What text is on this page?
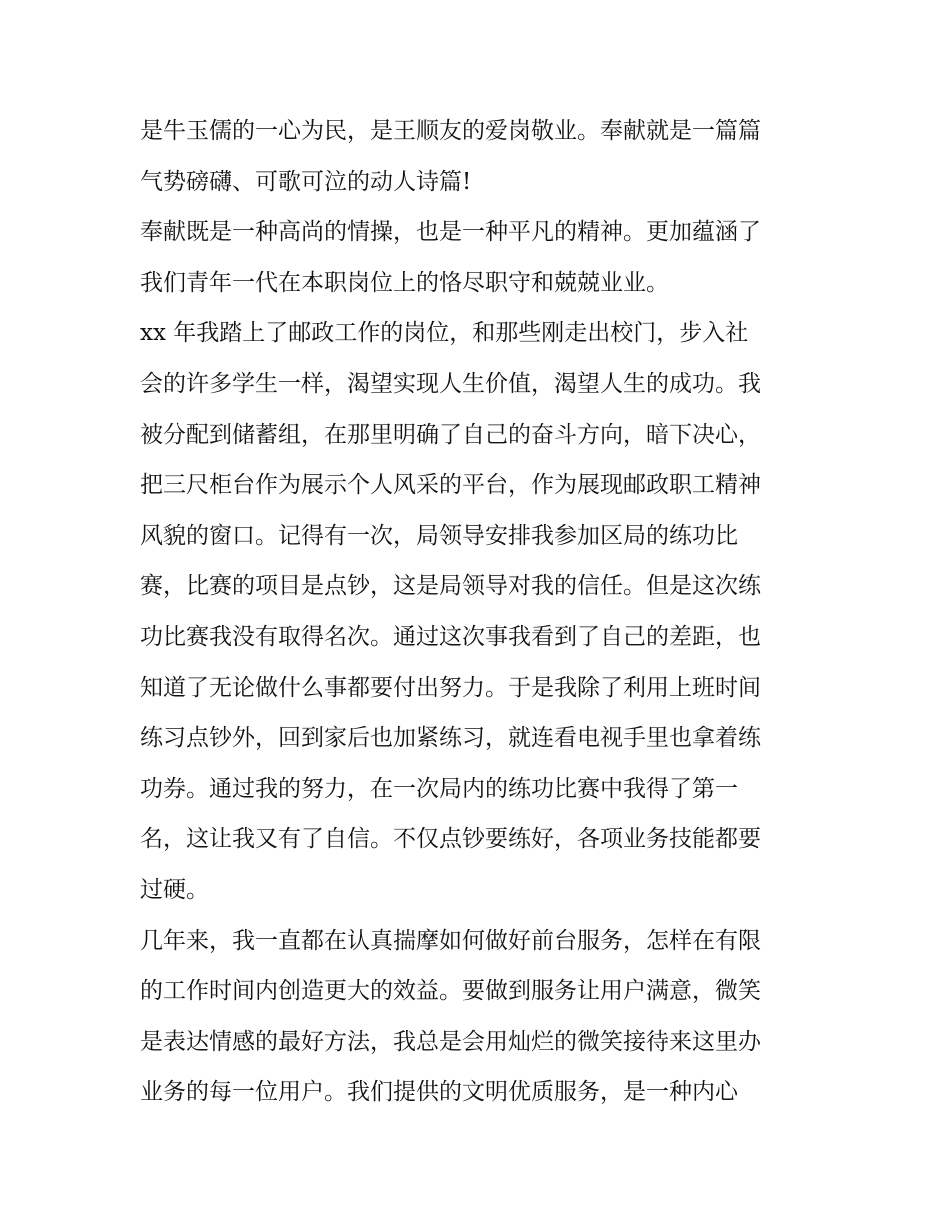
是牛玉儒的一心为民，是王顺友的爱岗敬业。奉献就是一篇篇
气势磅礴、可歌可泣的动人诗篇!
奉献既是一种高尚的情操，也是一种平凡的精神。更加蕴涵了
我们青年一代在本职岗位上的恪尽职守和兢兢业业。
xx 年我踏上了邮政工作的岗位，和那些刚走出校门，步入社
会的许多学生一样，渴望实现人生价值，渴望人生的成功。我
被分配到储蓄组，在那里明确了自己的奋斗方向，暗下决心，
把三尺柜台作为展示个人风采的平台，作为展现邮政职工精神
风貌的窗口。记得有一次，局领导安排我参加区局的练功比
赛，比赛的项目是点钞，这是局领导对我的信任。但是这次练
功比赛我没有取得名次。通过这次事我看到了自己的差距，也
知道了无论做什么事都要付出努力。于是我除了利用上班时间
练习点钞外，回到家后也加紧练习，就连看电视手里也拿着练
功券。通过我的努力，在一次局内的练功比赛中我得了第一
名，这让我又有了自信。不仅点钞要练好，各项业务技能都要
过硬。
几年来，我一直都在认真揣摩如何做好前台服务，怎样在有限
的工作时间内创造更大的效益。要做到服务让用户满意，微笑
是表达情感的最好方法，我总是会用灿烂的微笑接待来这里办
业务的每一位用户。我们提供的文明优质服务，是一种内心
